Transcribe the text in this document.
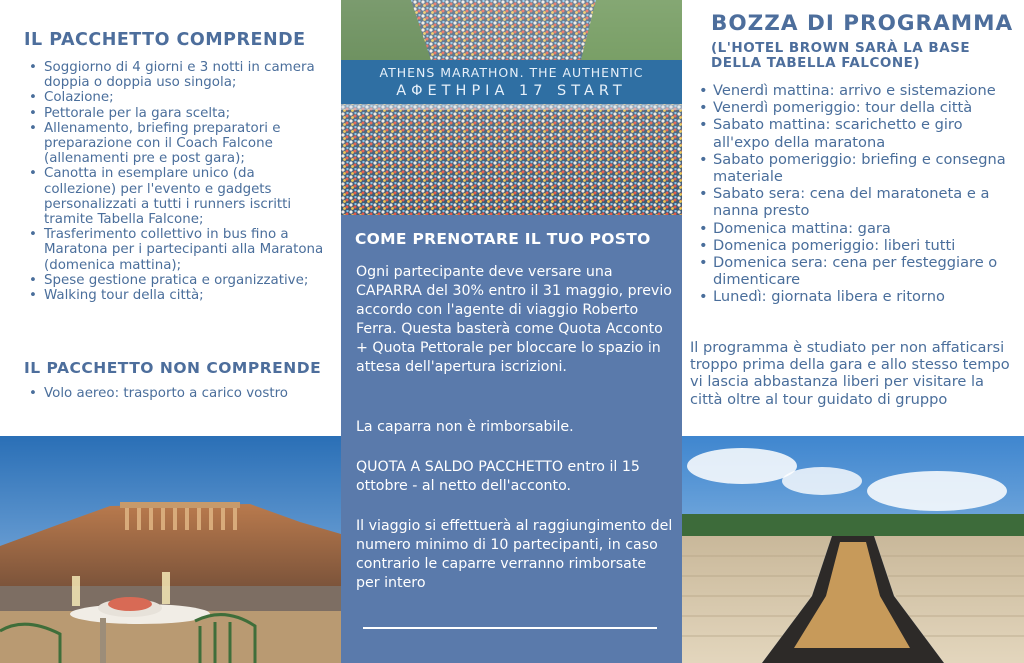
IL PACCHETTO COMPRENDE
• Soggiorno di 4 giorni e 3 notti in camera doppia o doppia uso singola;
• Colazione;
• Pettorale per la gara scelta;
• Allenamento, briefing preparatori e preparazione con il Coach Falcone (allenamenti pre e post gara);
• Canotta in esemplare unico (da collezione) per l'evento e gadgets personalizzati a tutti i runners iscritti tramite Tabella Falcone;
• Trasferimento collettivo in bus fino a Maratona per i partecipanti alla Maratona (domenica mattina);
• Spese gestione pratica e organizzative;
• Walking tour della città;
IL PACCHETTO NON COMPRENDE
• Volo aereo: trasporto a carico vostro
ATHENS MARATHON. THE AUTHENTIC
ΑΦΕΤΗΡΙΑ 17 START
COME PRENOTARE IL TUO POSTO

Ogni partecipante deve versare una CAPARRA del 30% entro il 31 maggio, previo accordo con l'agente di viaggio Roberto Ferra. Questa basterà come Quota Acconto + Quota Pettorale per bloccare lo spazio in attesa dell'apertura iscrizioni.

La caparra non è rimborsabile.

QUOTA A SALDO PACCHETTO entro il 15 ottobre - al netto dell'acconto.

Il viaggio si effettuerà al raggiungimento del numero minimo di 10 partecipanti, in caso contrario le caparre verranno rimborsate per intero

BOZZA DI PROGRAMMA
(L'HOTEL BROWN SARÀ LA BASE DELLA TABELLA FALCONE)
• Venerdì mattina: arrivo e sistemazione
• Venerdì pomeriggio: tour della città
• Sabato mattina: scarichetto e giro all'expo della maratona
• Sabato pomeriggio: briefing e consegna materiale
• Sabato sera: cena del maratoneta e a nanna presto
• Domenica mattina: gara
• Domenica pomeriggio: liberi tutti
• Domenica sera: cena per festeggiare o dimenticare
• Lunedì: giornata libera e ritorno

Il programma è studiato per non affaticarsi troppo prima della gara e allo stesso tempo vi lascia abbastanza liberi per visitare la città oltre al tour guidato di gruppo
